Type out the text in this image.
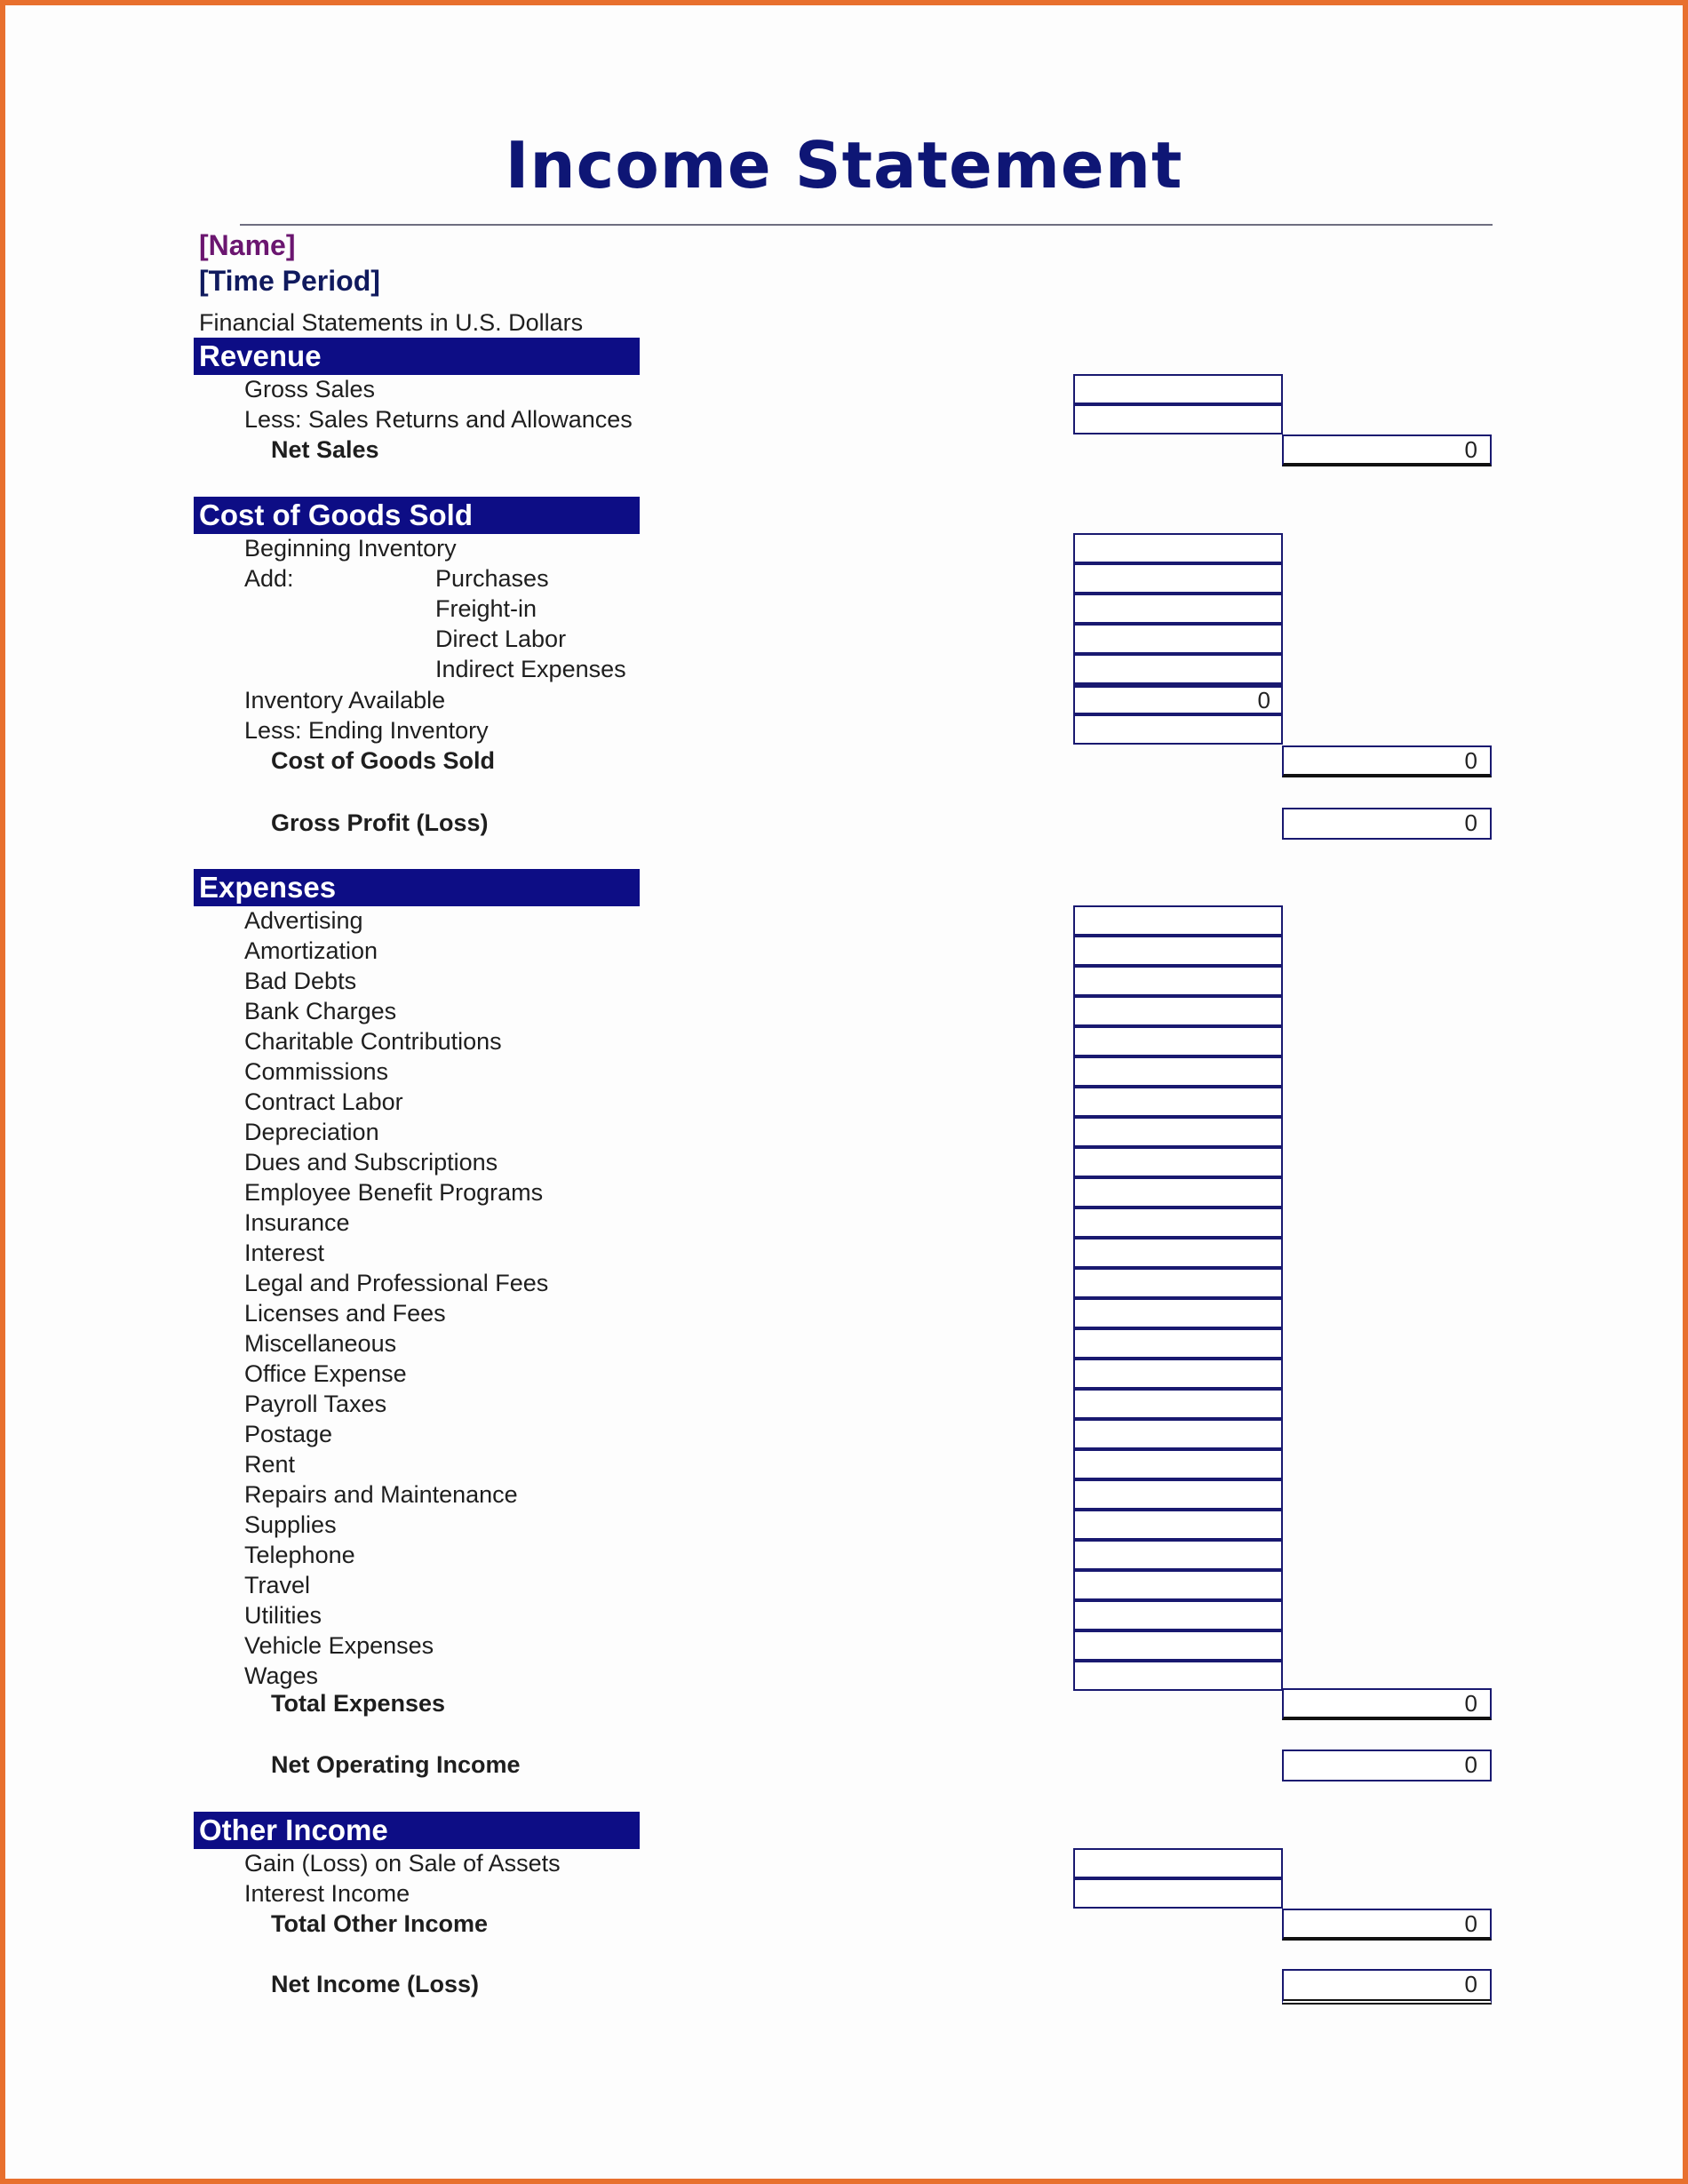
Income Statement
[Name]
[Time Period]
Financial Statements in U.S. Dollars
Revenue
Gross Sales
Less: Sales Returns and Allowances
Net Sales	0
Cost of Goods Sold
Beginning Inventory
Add:	Purchases
Freight-in
Direct Labor
Indirect Expenses
Inventory Available	0
Less: Ending Inventory
Cost of Goods Sold	0
Gross Profit (Loss)	0
Expenses
Advertising
Amortization
Bad Debts
Bank Charges
Charitable Contributions
Commissions
Contract Labor
Depreciation
Dues and Subscriptions
Employee Benefit Programs
Insurance
Interest
Legal and Professional Fees
Licenses and Fees
Miscellaneous
Office Expense
Payroll Taxes
Postage
Rent
Repairs and Maintenance
Supplies
Telephone
Travel
Utilities
Vehicle Expenses
Wages
Total Expenses	0
Net Operating Income	0
Other Income
Gain (Loss) on Sale of Assets
Interest Income
Total Other Income	0
Net Income (Loss)	0
